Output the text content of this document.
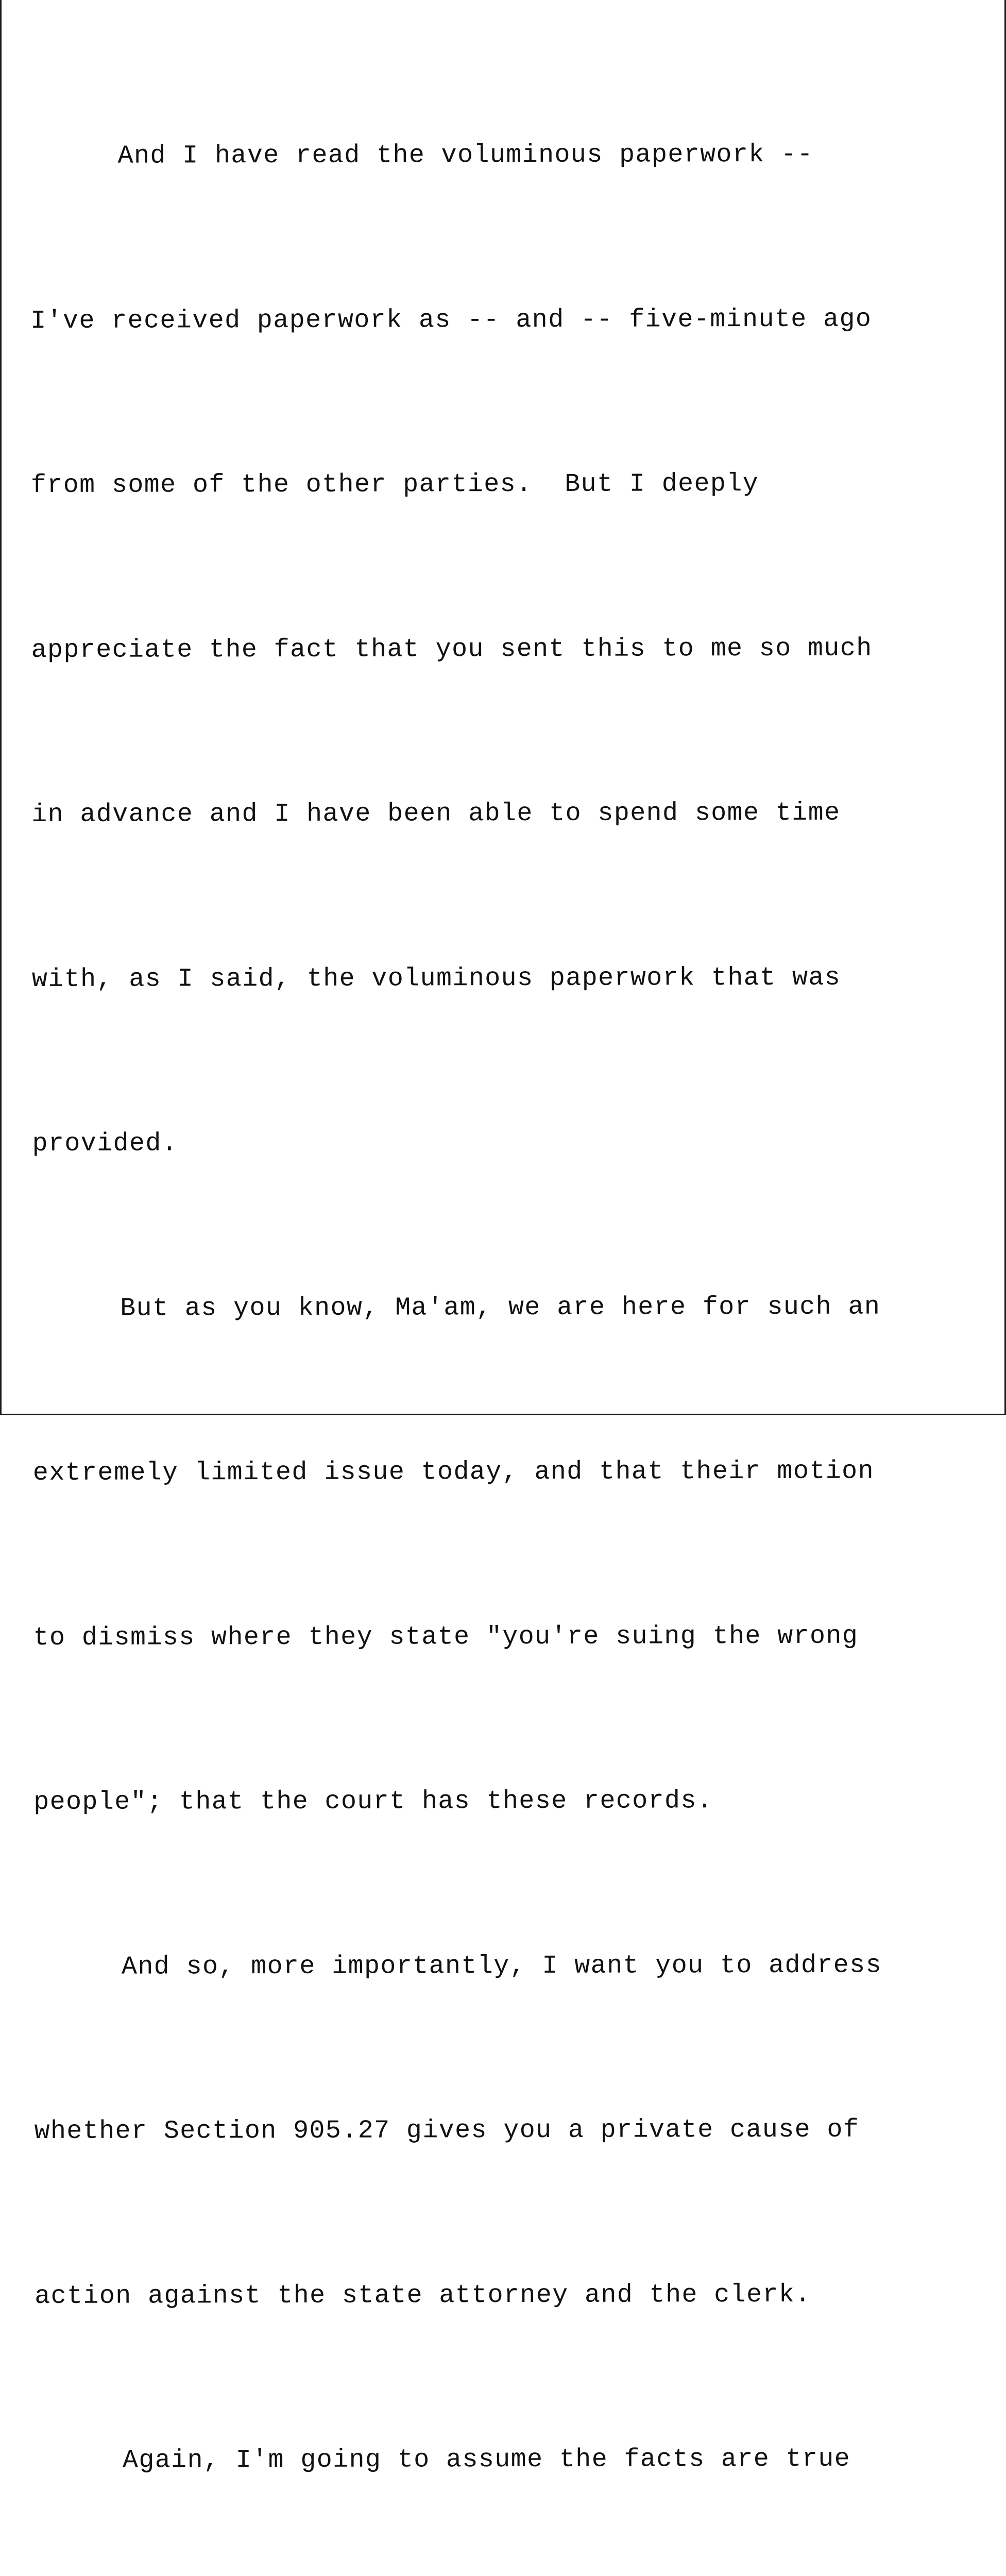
And I have read the voluminous paperwork --

I've received paperwork as -- and -- five-minute ago

from some of the other parties.  But I deeply

appreciate the fact that you sent this to me so much

in advance and I have been able to spend some time

with, as I said, the voluminous paperwork that was

provided.

But as you know, Ma'am, we are here for such an

extremely limited issue today, and that their motion

to dismiss where they state "you're suing the wrong

people"; that the court has these records.

And so, more importantly, I want you to address

whether Section 905.27 gives you a private cause of

action against the state attorney and the clerk.

Again, I'm going to assume the facts are true
